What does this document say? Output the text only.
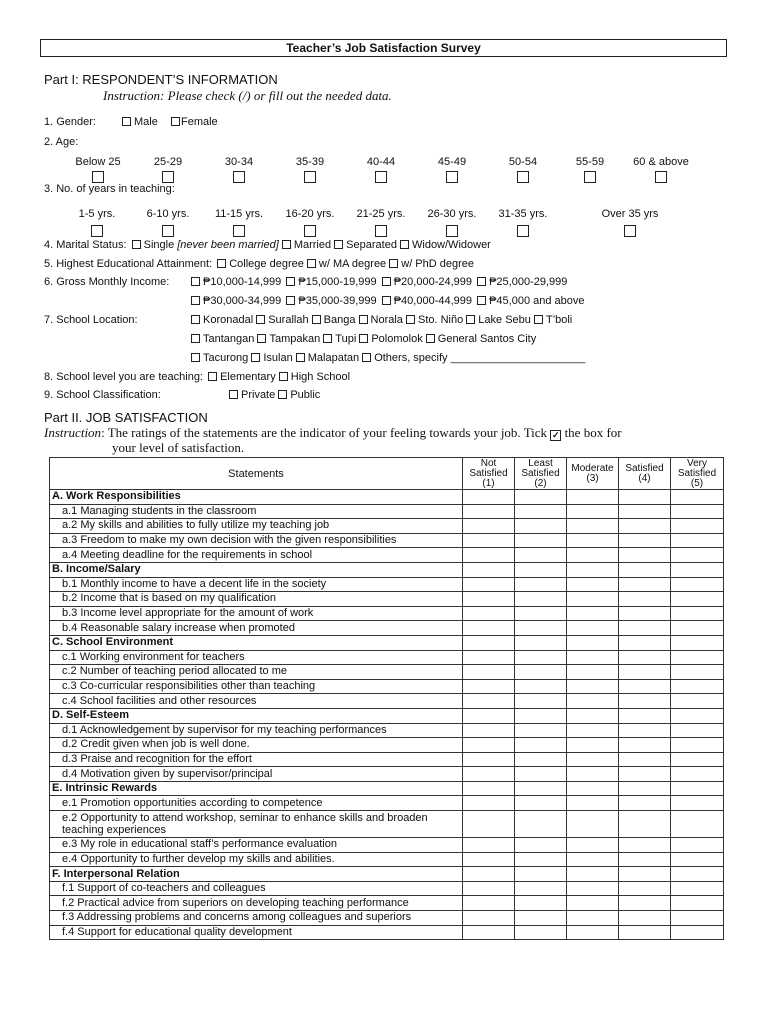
Teacher’s Job Satisfaction Survey
Part I: RESPONDENT’S INFORMATION
Instruction: Please check (/) or fill out the needed data.
1. Gender:	Male	Female
2. Age:
Below 25	25-29	30-34	35-39	40-44	45-49	50-54	55-59	60 & above
3. No. of years in teaching:
1-5 yrs.	6-10 yrs.	11-15 yrs.	16-20 yrs.	21-25 yrs.	26-30 yrs.	31-35 yrs.	Over 35 yrs
4. Marital Status: Single [never been married] Married Separated Widow/Widower
5. Highest Educational Attainment: College degree w/ MA degree w/ PhD degree
6. Gross Monthly Income:	₱10,000-14,999 ₱15,000-19,999 ₱20,000-24,999 ₱25,000-29,999
₱30,000-34,999 ₱35,000-39,999 ₱40,000-44,999 ₱45,000 and above
7. School Location:	Koronadal Surallah Banga Norala Sto. Niño Lake Sebu T’boli
Tantangan Tampakan Tupi Polomolok General Santos City
Tacurong Isulan Malapatan Others, specify ______________________
8. School level you are teaching: Elementary High School
9. School Classification:	Private Public
Part II. JOB SATISFACTION
Instruction: The ratings of the statements are the indicator of your feeling towards your job. Tick ✓ the box for
your level of satisfaction.
Statements	Not
Satisfied
(1)	Least
Satisfied
(2)	Moderate
(3)	Satisfied
(4)	Very
Satisfied
(5)
A. Work Responsibilities					
a.1 Managing students in the classroom					
a.2 My skills and abilities to fully utilize my teaching job					
a.3 Freedom to make my own decision with the given responsibilities					
a.4 Meeting deadline for the requirements in school					
B. Income/Salary					
b.1 Monthly income to have a decent life in the society					
b.2 Income that is based on my qualification					
b.3 Income level appropriate for the amount of work					
b.4 Reasonable salary increase when promoted					
C. School Environment					
c.1 Working environment for teachers					
c.2 Number of teaching period allocated to me					
c.3 Co-curricular responsibilities other than teaching					
c.4 School facilities and other resources					
D. Self-Esteem					
d.1 Acknowledgement by supervisor for my teaching performances					
d.2 Credit given when job is well done.					
d.3 Praise and recognition for the effort					
d.4 Motivation given by supervisor/principal					
E. Intrinsic Rewards					
e.1 Promotion opportunities according to competence					
e.2 Opportunity to attend workshop, seminar to enhance skills and broaden teaching experiences					
e.3 My role in educational staff’s performance evaluation					
e.4 Opportunity to further develop my skills and abilities.					
F. Interpersonal Relation					
f.1 Support of co-teachers and colleagues					
f.2 Practical advice from superiors on developing teaching performance					
f.3 Addressing problems and concerns among colleagues and superiors					
f.4 Support for educational quality development					
